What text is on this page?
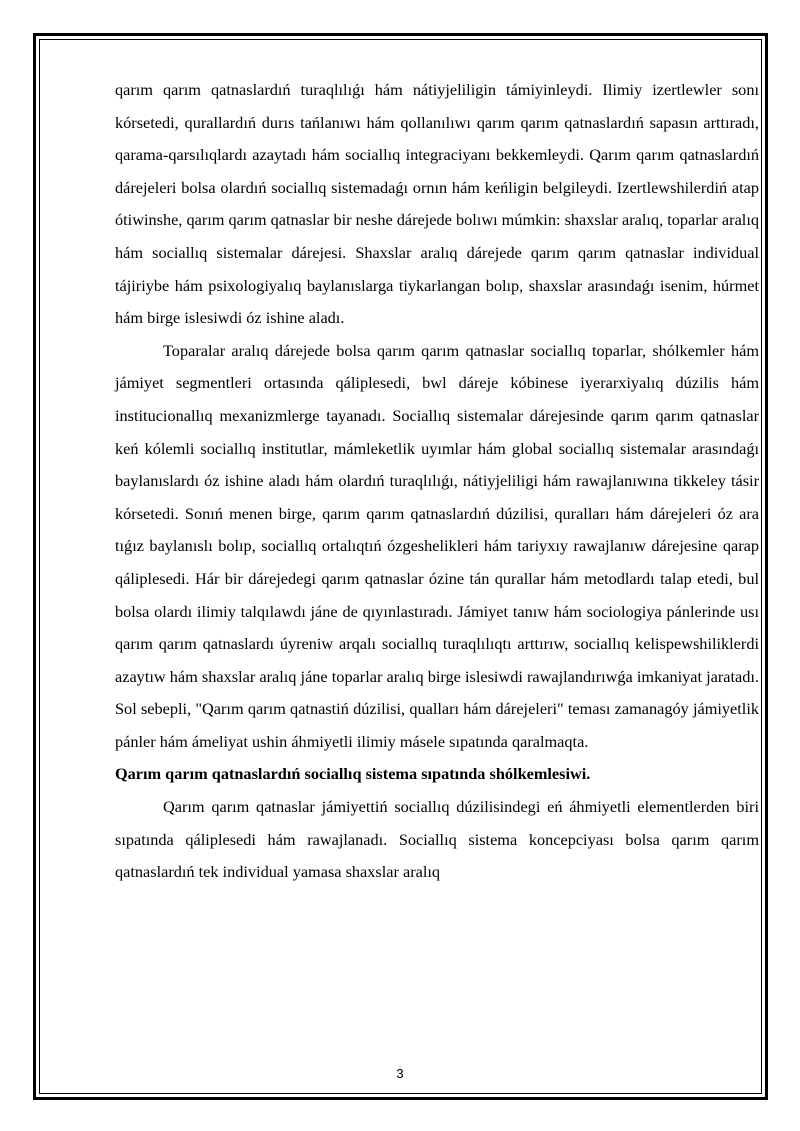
qarım qarım qatnaslardıń turaqlılıǵı hám nátiyjeliligin támiyinleydi. Ilimiy izertlewler sonı kórsetedi, qurallardıń durıs tańlanıwı hám qollanılıwı qarım qarım qatnaslardıń sapasın arttıradı, qarama-qarsılıqlardı azaytadı hám sociallıq integraciyanı bekkemleydi. Qarım qarım qatnaslardıń dárejeleri bolsa olardıń sociallıq sistemadaǵı ornın hám keńligin belgileydi. Izertlewshilerdiń atap ótiwinshe, qarım qarım qatnaslar bir neshe dárejede bolıwı múmkin: shaxslar aralıq, toparlar aralıq hám sociallıq sistemalar dárejesi. Shaxslar aralıq dárejede qarım qarım qatnaslar individual tájiriybe hám psixologiyalıq baylanıslarga tiykarlangan bolıp, shaxslar arasındaǵı isenim, húrmet hám birge islesiwdi óz ishine aladı.

Toparalar aralıq dárejede bolsa qarım qarım qatnaslar sociallıq toparlar, shólkemler hám jámiyet segmentleri ortasında qáliplesedi, bwl dáreje kóbinese iyerarxiyalıq dúzilis hám institucionallıq mexanizmlerge tayanadı. Sociallıq sistemalar dárejesinde qarım qarım qatnaslar keń kólemli sociallıq institutlar, mámleketlik uyımlar hám global sociallıq sistemalar arasındaǵı baylanıslardı óz ishine aladı hám olardıń turaqlılıǵı, nátiyjeliligi hám rawajlanıwına tikkeley tásir kórsetedi. Sonıń menen birge, qarım qarım qatnaslardıń dúzilisi, quralları hám dárejeleri óz ara tıǵız baylanıslı bolıp, sociallıq ortalıqtıń ózgeshelikleri hám tariyxıy rawajlanıw dárejesine qarap qáliplesedi. Hár bir dárejedegi qarım qatnaslar ózine tán qurallar hám metodlardı talap etedi, bul bolsa olardı ilimiy talqılawdı jáne de qıyınlastıradı. Jámiyet tanıw hám sociologiya pánlerinde usı qarım qarım qatnaslardı úyreniw arqalı sociallıq turaqlılıqtı arttırıw, sociallıq kelispewshiliklerdi azaytıw hám shaxslar aralıq jáne toparlar aralıq birge islesiwdi rawajlandırıwǵa imkaniyat jaratadı. Sol sebepli, "Qarım qarım qatnastiń dúzilisi, qualları hám dárejeleri" teması zamanagóy jámiyetlik pánler hám ámeliyat ushin áhmiyetli ilimiy másele sıpatında qaralmaqta.

Qarım qarım qatnaslardıń sociallıq sistema sıpatında shólkemlesiwi.

Qarım qarım qatnaslar jámiyettiń sociallıq dúzilisindegi eń áhmiyetli elementlerden biri sıpatında qáliplesedi hám rawajlanadı. Sociallıq sistema koncepciyası bolsa qarım qarım qatnaslardıń tek individual yamasa shaxslar aralıq

3
